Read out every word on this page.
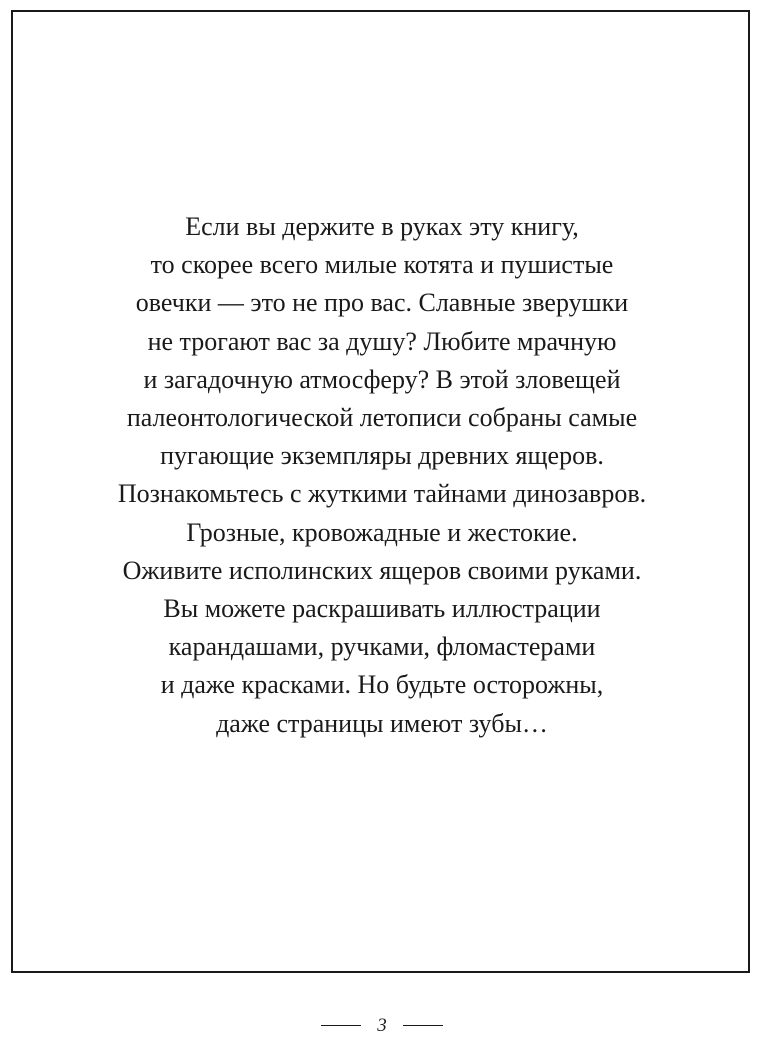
Если вы держите в руках эту книгу,
то скорее всего милые котята и пушистые
овечки — это не про вас. Славные зверушки
не трогают вас за душу? Любите мрачную
и загадочную атмосферу? В этой зловещей
палеонтологической летописи собраны самые
пугающие экземпляры древних ящеров.
Познакомьтесь с жуткими тайнами динозавров.
Грозные, кровожадные и жестокие.
Оживите исполинских ящеров своими руками.
Вы можете раскрашивать иллюстрации
карандашами, ручками, фломастерами
и даже красками. Но будьте осторожны,
даже страницы имеют зубы…
3
